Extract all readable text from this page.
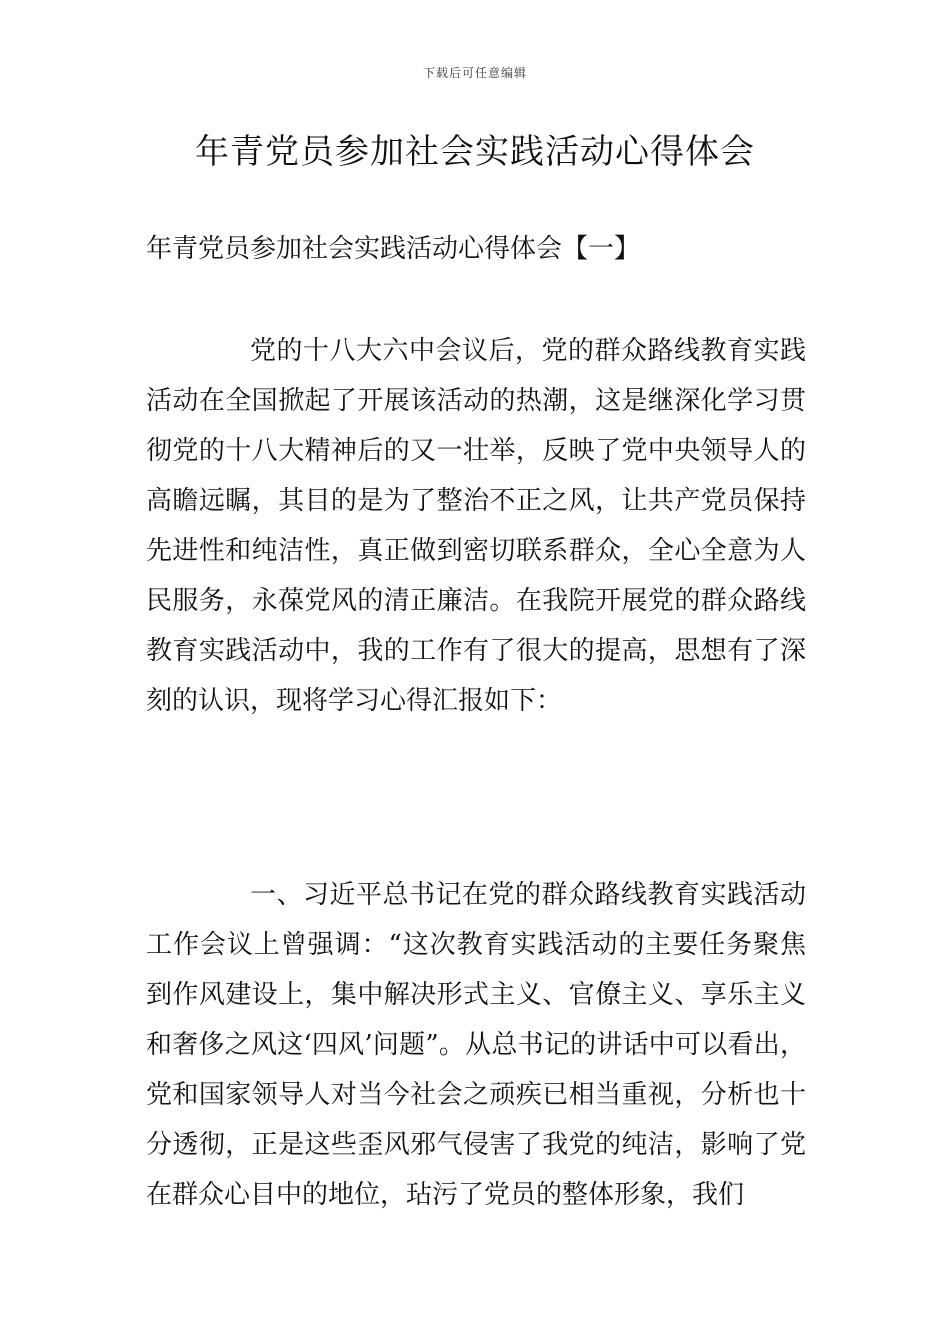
下载后可任意编辑
年青党员参加社会实践活动心得体会
年青党员参加社会实践活动心得体会【一】

党的十八大六中会议后，党的群众路线教育实践活动在全国掀起了开展该活动的热潮，这是继深化学习贯彻党的十八大精神后的又一壮举，反映了党中央领导人的高瞻远瞩，其目的是为了整治不正之风，让共产党员保持先进性和纯洁性，真正做到密切联系群众，全心全意为人民服务，永葆党风的清正廉洁。在我院开展党的群众路线教育实践活动中，我的工作有了很大的提高，思想有了深刻的认识，现将学习心得汇报如下：

一、习近平总书记在党的群众路线教育实践活动工作会议上曾强调：“这次教育实践活动的主要任务聚焦到作风建设上，集中解决形式主义、官僚主义、享乐主义和奢侈之风这‘四风’问题”。从总书记的讲话中可以看出，党和国家领导人对当今社会之顽疾已相当重视，分析也十分透彻，正是这些歪风邪气侵害了我党的纯洁，影响了党在群众心目中的地位，玷污了党员的整体形象，我们
